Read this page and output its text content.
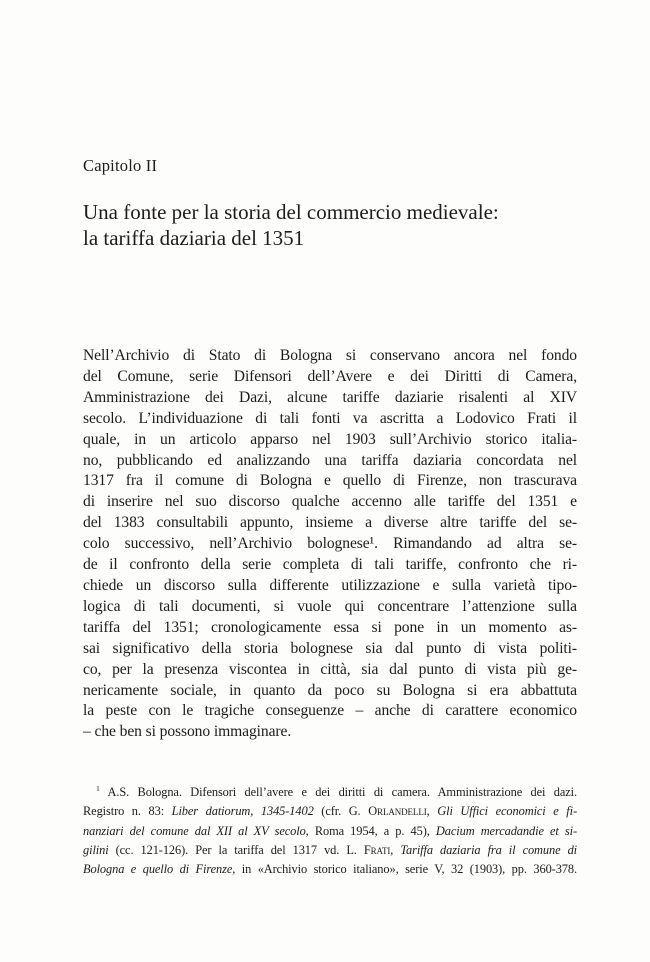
Capitolo II
Una fonte per la storia del commercio medievale:
la tariffa daziaria del 1351
Nell’Archivio di Stato di Bologna si conservano ancora nel fondo
del Comune, serie Difensori dell’Avere e dei Diritti di Camera,
Amministrazione dei Dazi, alcune tariffe daziarie risalenti al XIV
secolo. L’individuazione di tali fonti va ascritta a Lodovico Frati il
quale, in un articolo apparso nel 1903 sull’Archivio storico italia-
no, pubblicando ed analizzando una tariffa daziaria concordata nel
1317 fra il comune di Bologna e quello di Firenze, non trascurava
di inserire nel suo discorso qualche accenno alle tariffe del 1351 e
del 1383 consultabili appunto, insieme a diverse altre tariffe del se-
colo successivo, nell’Archivio bolognese¹. Rimandando ad altra se-
de il confronto della serie completa di tali tariffe, confronto che ri-
chiede un discorso sulla differente utilizzazione e sulla varietà tipo-
logica di tali documenti, si vuole qui concentrare l’attenzione sulla
tariffa del 1351; cronologicamente essa si pone in un momento as-
sai significativo della storia bolognese sia dal punto di vista politi-
co, per la presenza viscontea in città, sia dal punto di vista più ge-
nericamente sociale, in quanto da poco su Bologna si era abbattuta
la peste con le tragiche conseguenze – anche di carattere economico
– che ben si possono immaginare.
$^1$ A.S. Bologna. Difensori dell’avere e dei diritti di camera. Amministrazione dei dazi.
Registro n. 83: Liber datiorum, 1345-1402 (cfr. G. Orlandelli, Gli Uffici economici e fi-
nanziari del comune dal XII al XV secolo, Roma 1954, a p. 45), Dacium mercadandie et si-
gilini (cc. 121-126). Per la tariffa del 1317 vd. L. Frati, Tariffa daziaria fra il comune di
Bologna e quello di Firenze, in «Archivio storico italiano», serie V, 32 (1903), pp. 360-378.
